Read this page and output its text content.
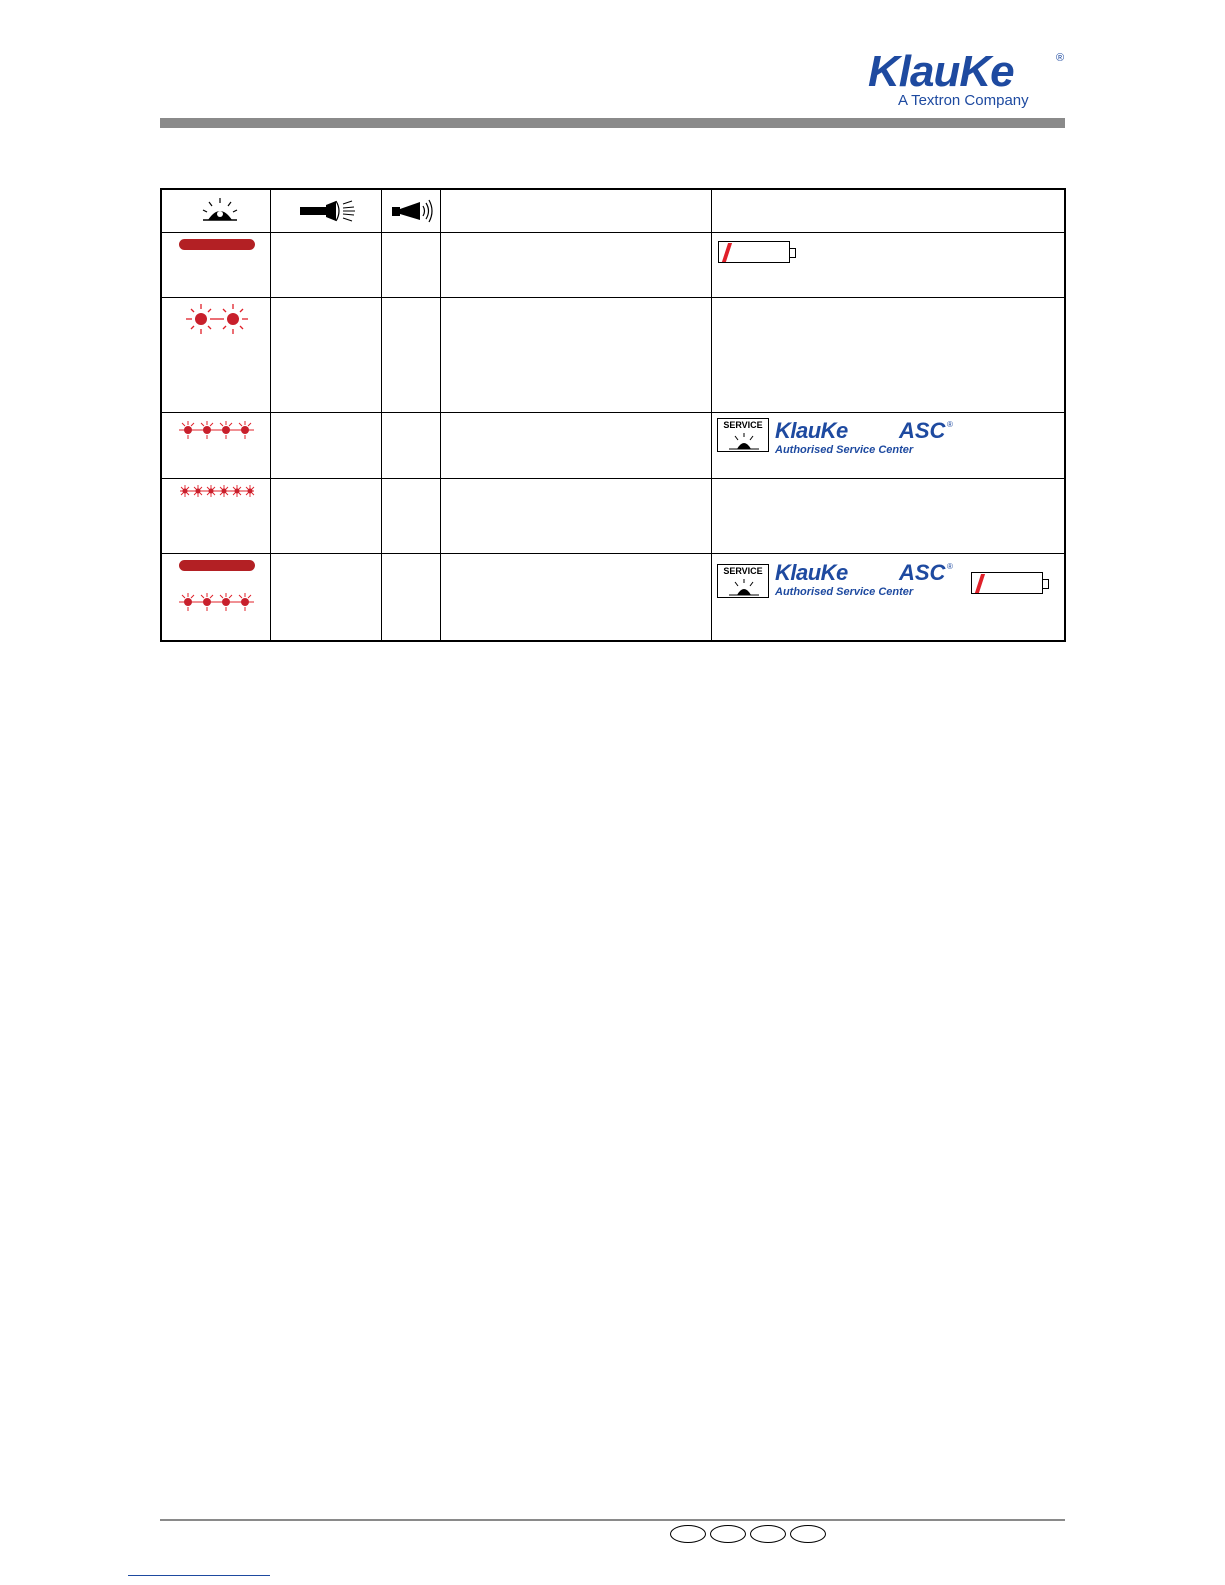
KlauKe	®
A Textron Company
SERVICE KlauKe ASC ®
Authorised Service Center
SERVICE KlauKe ASC ®
Authorised Service Center
